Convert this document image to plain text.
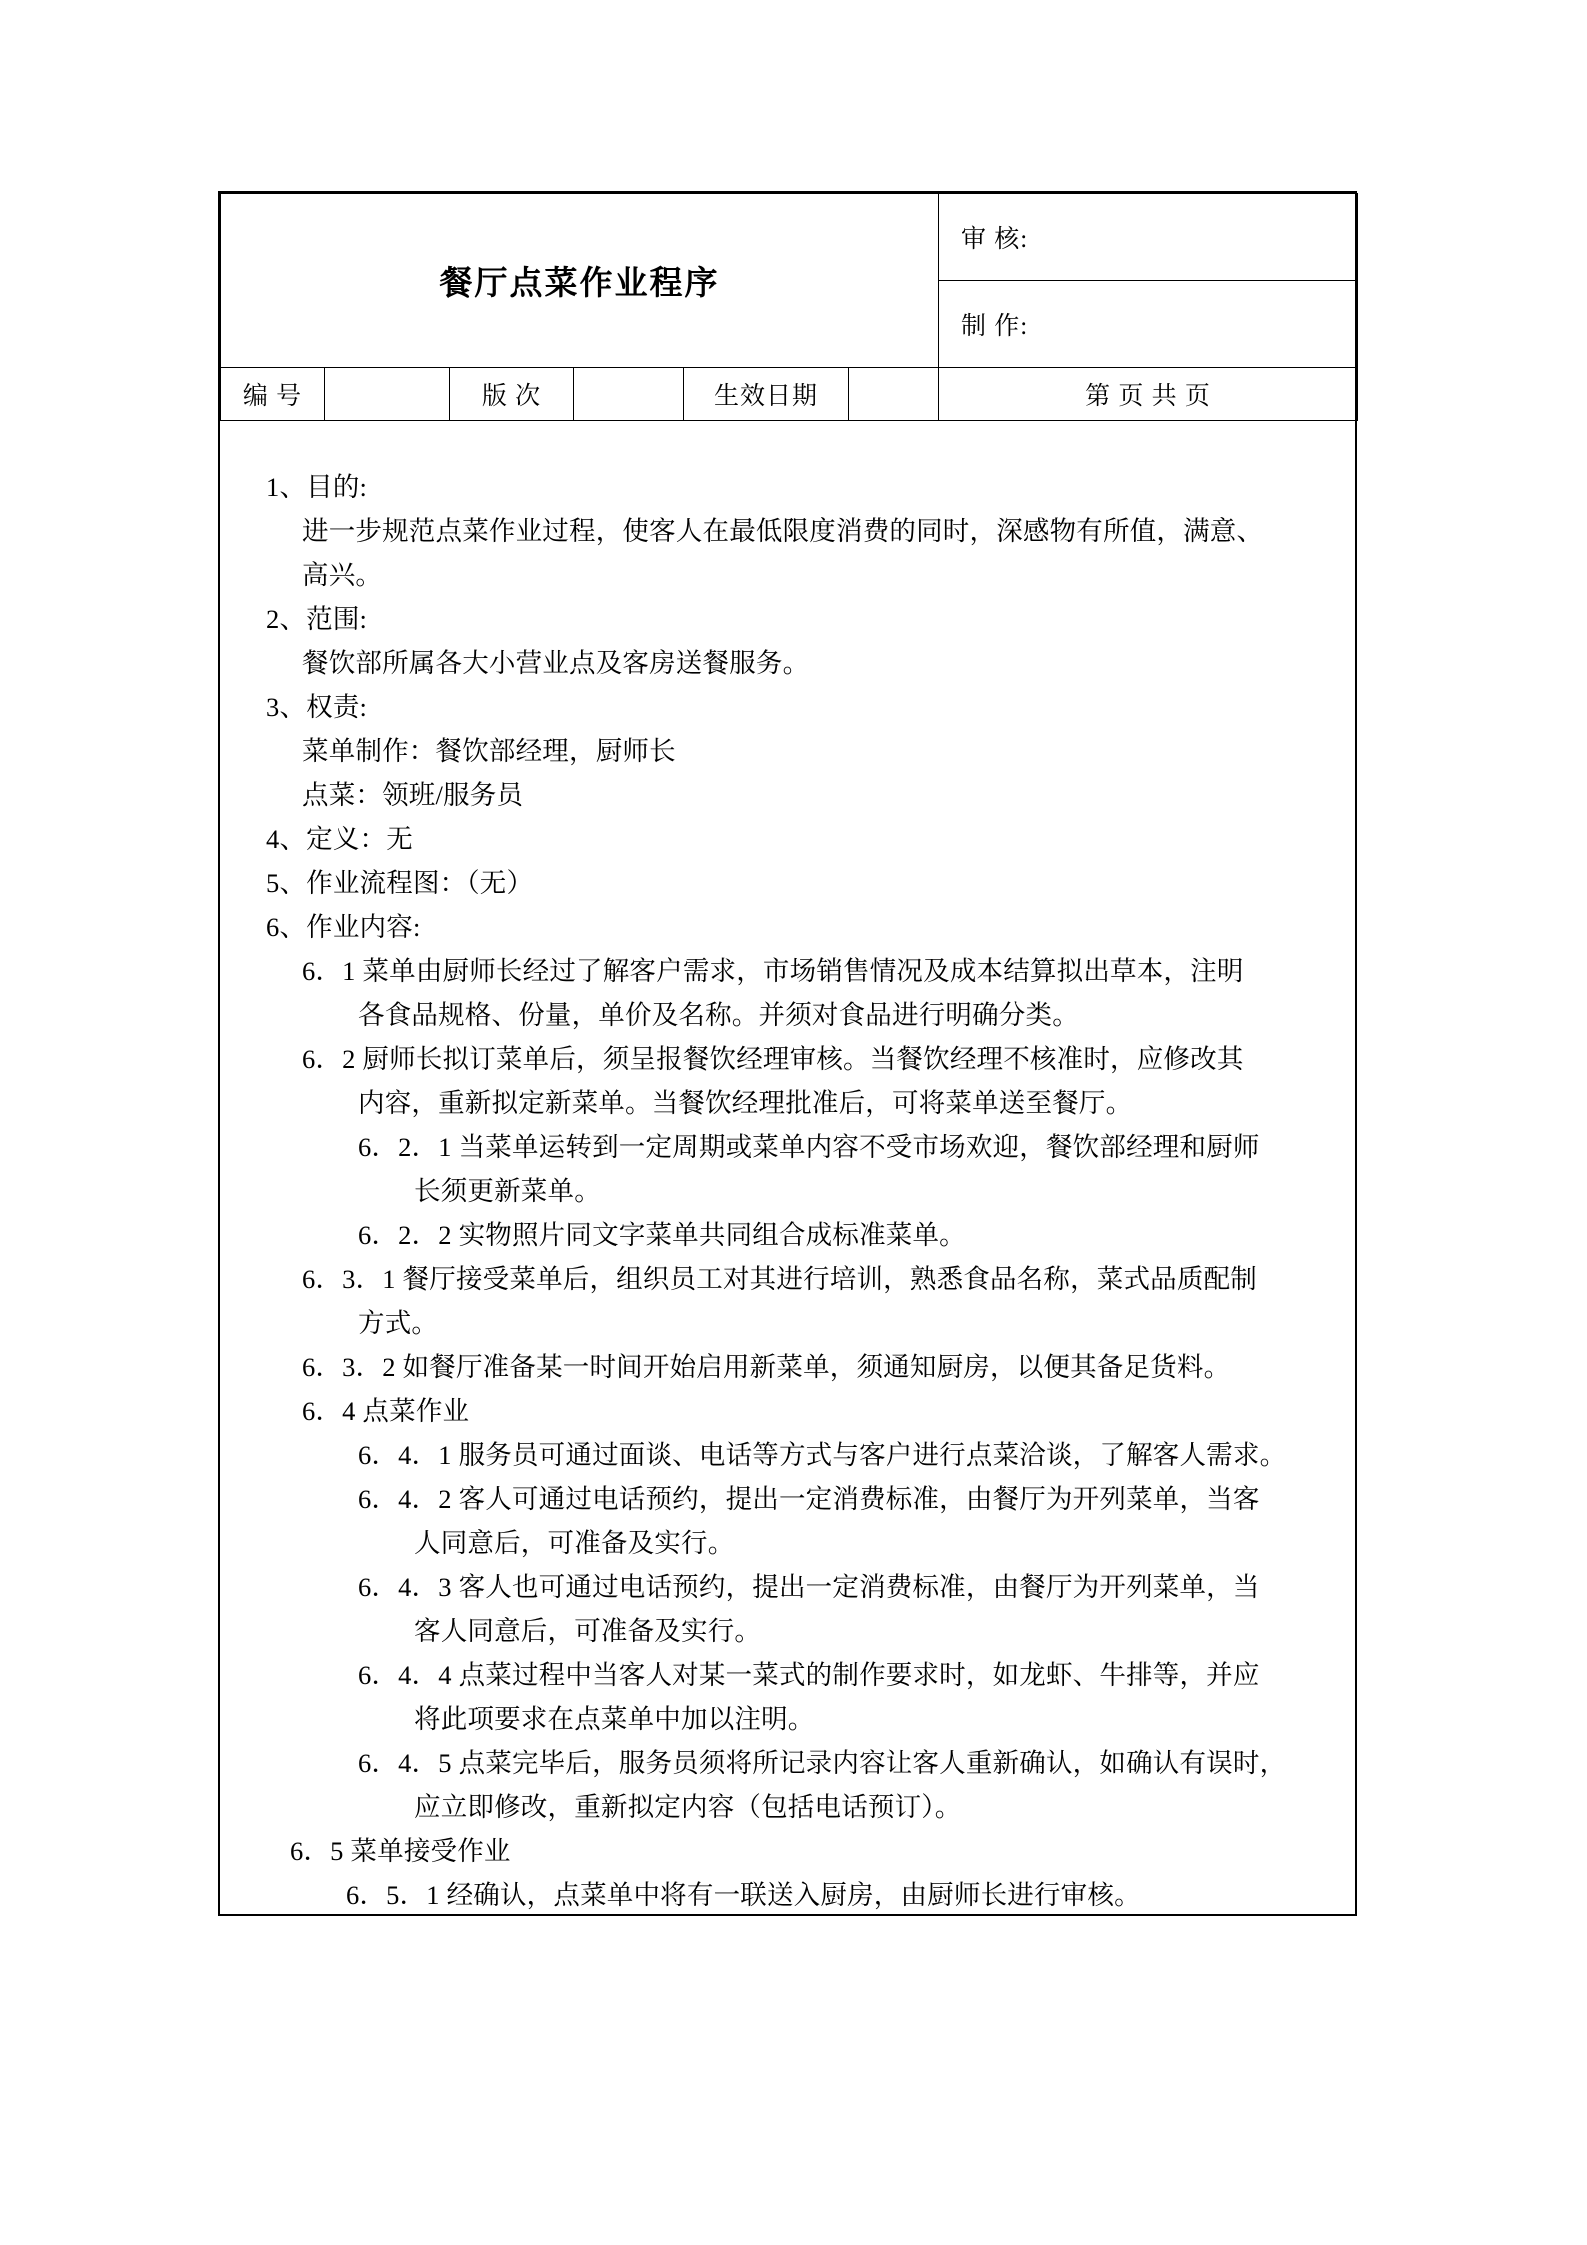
餐厅点菜作业程序						审 核:
						制 作:
编 号		版 次		生效日期		第 页 共 页
1、目的:
进一步规范点菜作业过程，使客人在最低限度消费的同时，深感物有所值，满意、
高兴。
2、范围:
餐饮部所属各大小营业点及客房送餐服务。
3、权责:
菜单制作：餐饮部经理，厨师长
点菜：领班/服务员
4、定义：无
5、作业流程图：（无）
6、作业内容:
6．1 菜单由厨师长经过了解客户需求，市场销售情况及成本结算拟出草本，注明
各食品规格、份量，单价及名称。并须对食品进行明确分类。
6．2 厨师长拟订菜单后，须呈报餐饮经理审核。当餐饮经理不核准时，应修改其
内容，重新拟定新菜单。当餐饮经理批准后，可将菜单送至餐厅。
6．2．1 当菜单运转到一定周期或菜单内容不受市场欢迎，餐饮部经理和厨师
长须更新菜单。
6．2．2 实物照片同文字菜单共同组合成标准菜单。
6．3．1 餐厅接受菜单后，组织员工对其进行培训，熟悉食品名称，菜式品质配制
方式。
6．3．2 如餐厅准备某一时间开始启用新菜单，须通知厨房，以便其备足货料。
6．4 点菜作业
6．4．1 服务员可通过面谈、电话等方式与客户进行点菜洽谈，了解客人需求。
6．4．2 客人可通过电话预约，提出一定消费标准，由餐厅为开列菜单，当客
人同意后，可准备及实行。
6．4．3 客人也可通过电话预约，提出一定消费标准，由餐厅为开列菜单，当
客人同意后，可准备及实行。
6．4．4 点菜过程中当客人对某一菜式的制作要求时，如龙虾、牛排等，并应
将此项要求在点菜单中加以注明。
6．4．5 点菜完毕后，服务员须将所记录内容让客人重新确认，如确认有误时，
应立即修改，重新拟定内容（包括电话预订）。
6．5 菜单接受作业
6．5．1 经确认，点菜单中将有一联送入厨房，由厨师长进行审核。
